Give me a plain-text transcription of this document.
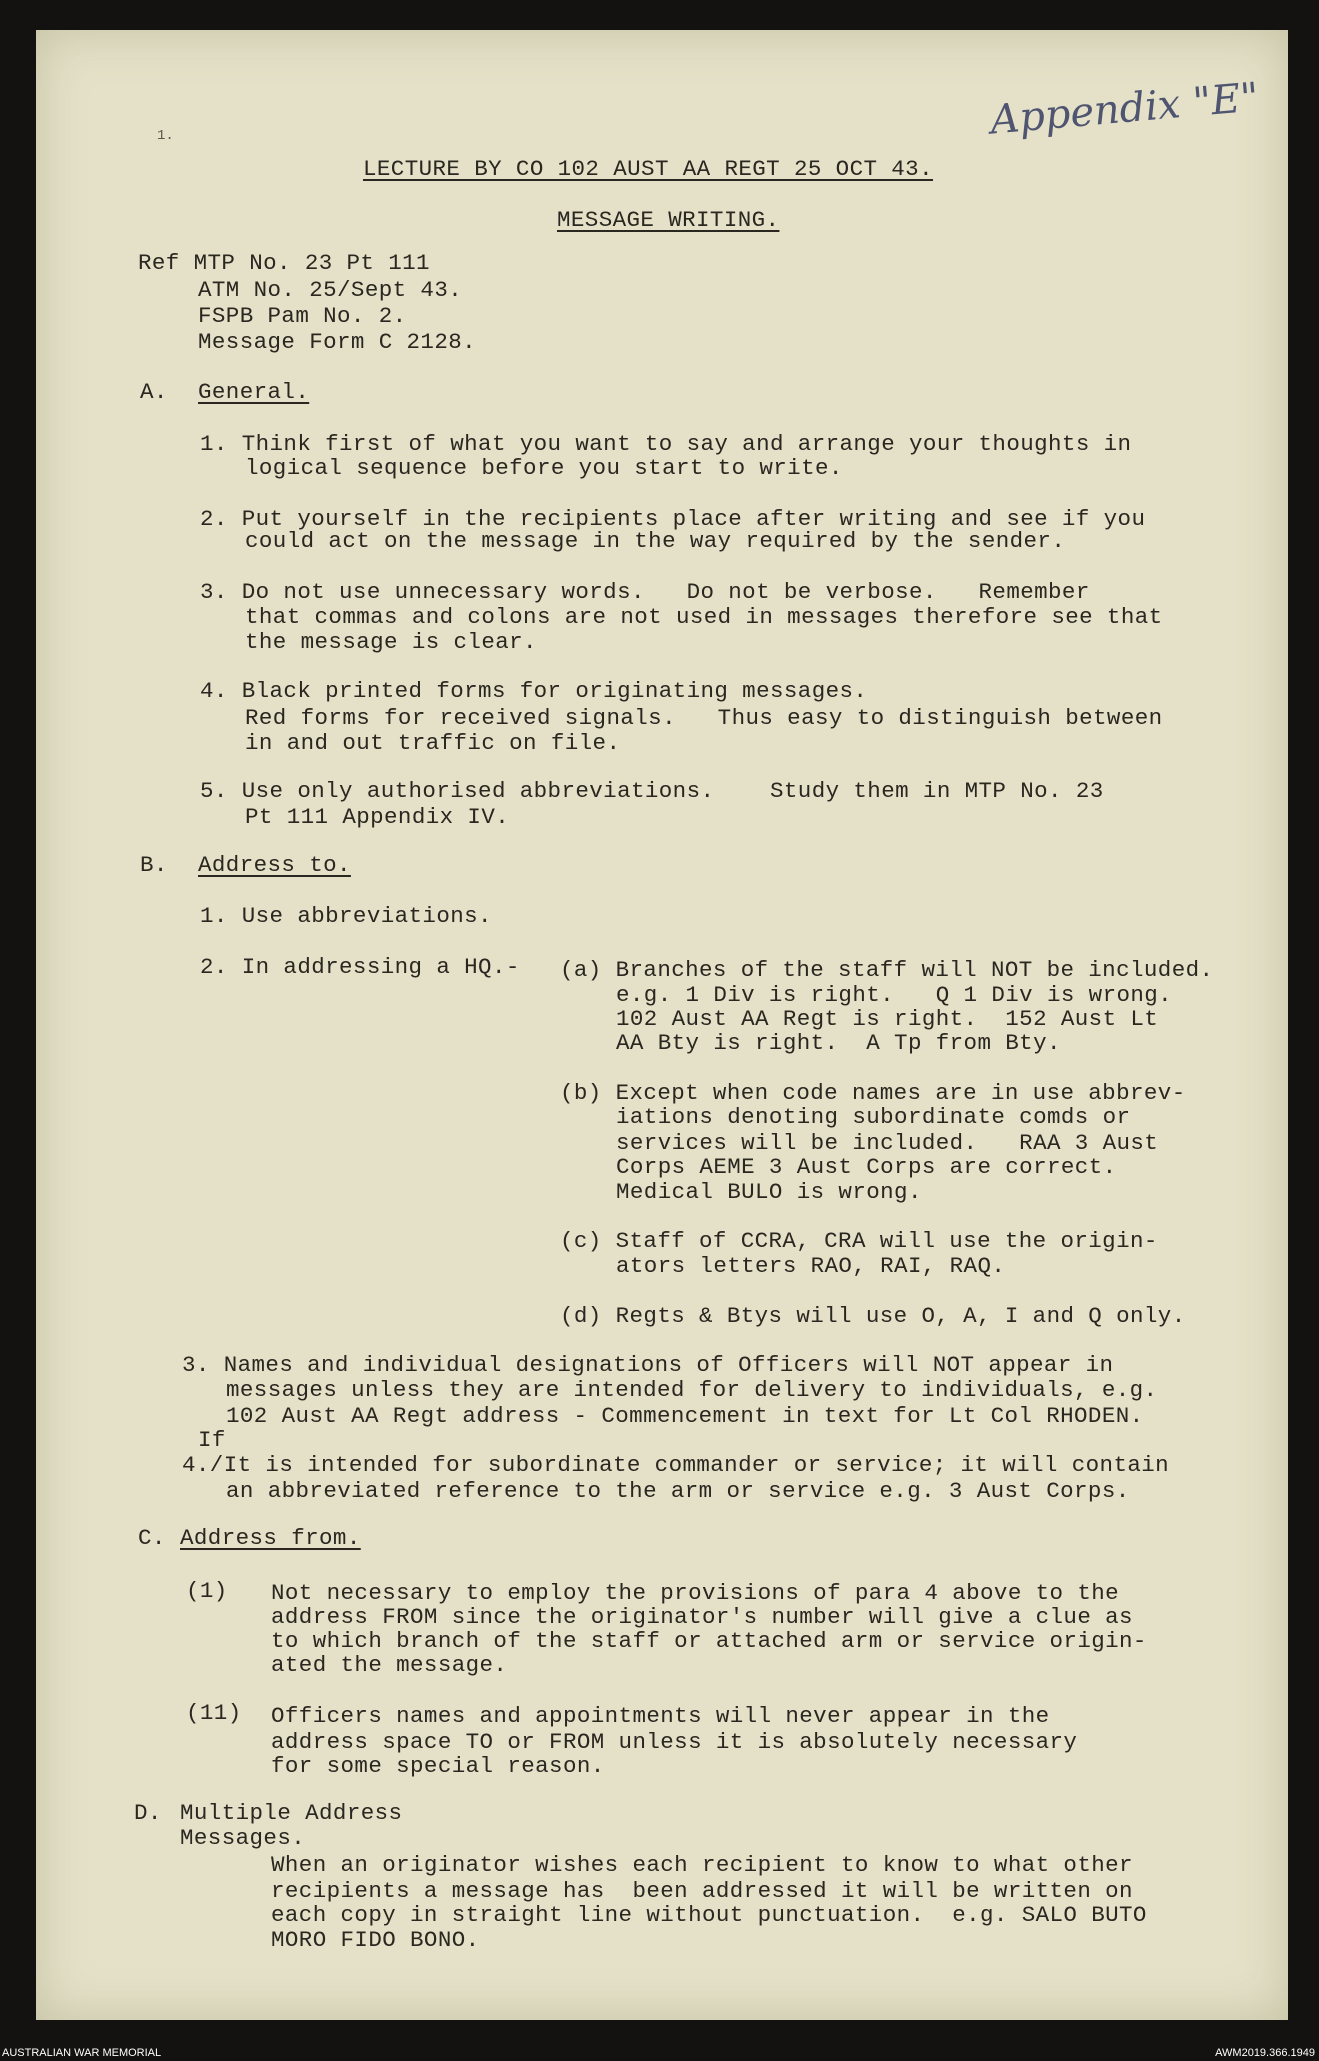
Appendix "E"
1.
LECTURE BY CO 102 AUST AA REGT 25 OCT 43.
MESSAGE WRITING.
Ref MTP No. 23 Pt 111
ATM No. 25/Sept 43.
FSPB Pam No. 2.
Message Form C 2128.
A. General.
1. Think first of what you want to say and arrange your thoughts in
logical sequence before you start to write.
2. Put yourself in the recipients place after writing and see if you
could act on the message in the way required by the sender.
3. Do not use unnecessary words.   Do not be verbose.   Remember
that commas and colons are not used in messages therefore see that
the message is clear.
4. Black printed forms for originating messages.
Red forms for received signals.   Thus easy to distinguish between
in and out traffic on file.
5. Use only authorised abbreviations.    Study them in MTP No. 23
Pt 111 Appendix IV.
B. Address to.
1. Use abbreviations.
2. In addressing a HQ.- (a) Branches of the staff will NOT be included.
e.g. 1 Div is right.   Q 1 Div is wrong.
102 Aust AA Regt is right.  152 Aust Lt
AA Bty is right.  A Tp from Bty.
(b) Except when code names are in use abbrev-
iations denoting subordinate comds or
services will be included.   RAA 3 Aust
Corps AEME 3 Aust Corps are correct.
Medical BULO is wrong.
(c) Staff of CCRA, CRA will use the origin-
ators letters RAO, RAI, RAQ.
(d) Regts & Btys will use O, A, I and Q only.
3. Names and individual designations of Officers will NOT appear in
messages unless they are intended for delivery to individuals, e.g.
102 Aust AA Regt address - Commencement in text for Lt Col RHODEN.
If
4./It is intended for subordinate commander or service; it will contain
an abbreviated reference to the arm or service e.g. 3 Aust Corps.
C. Address from.
(1) Not necessary to employ the provisions of para 4 above to the
address FROM since the originator's number will give a clue as
to which branch of the staff or attached arm or service origin-
ated the message.
(11) Officers names and appointments will never appear in the
address space TO or FROM unless it is absolutely necessary
for some special reason.
D. Multiple Address
Messages.
When an originator wishes each recipient to know to what other
recipients a message has  been addressed it will be written on
each copy in straight line without punctuation.  e.g. SALO BUTO
MORO FIDO BONO.
AUSTRALIAN WAR MEMORIAL	AWM2019.366.1949
